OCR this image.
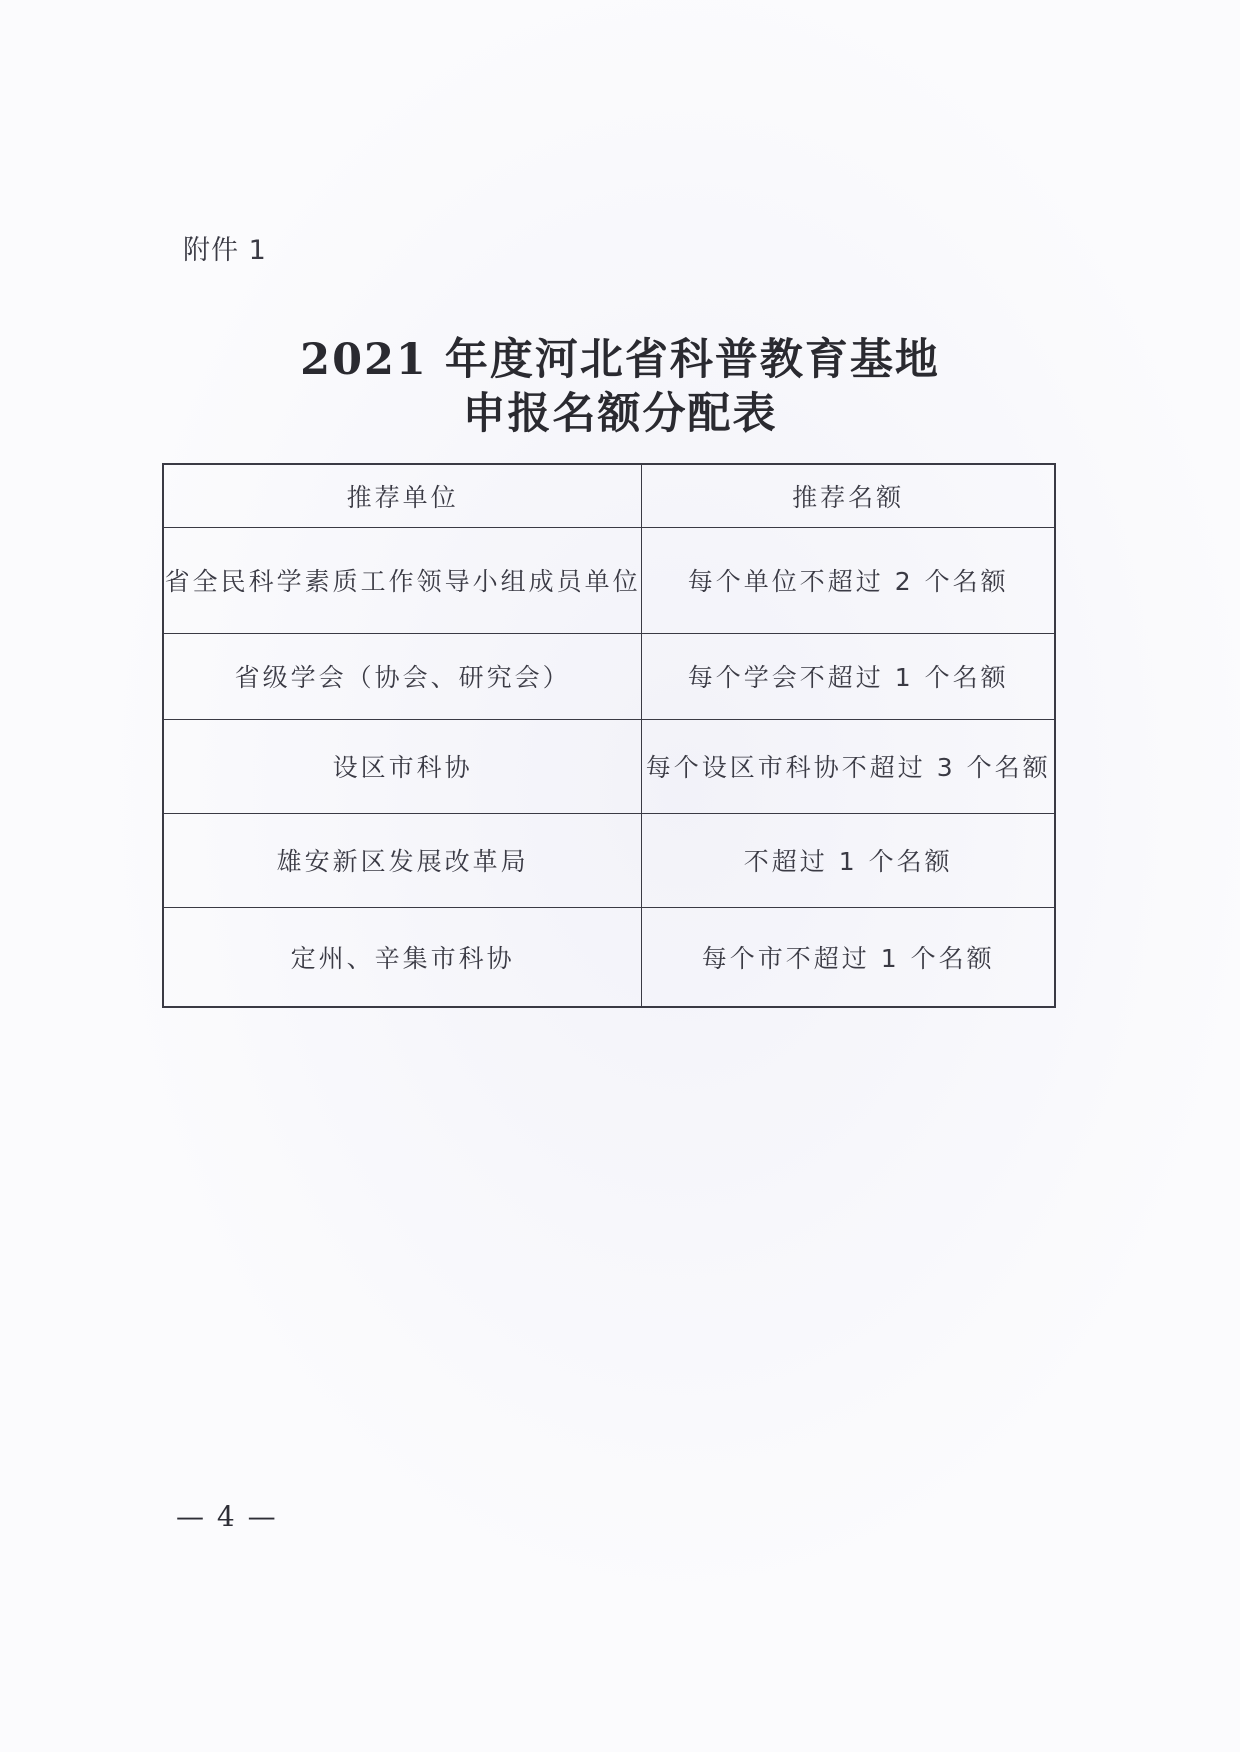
附件 1
2021 年度河北省科普教育基地
申报名额分配表
推荐单位	推荐名额
省全民科学素质工作领导小组成员单位	每个单位不超过 2 个名额
省级学会（协会、研究会）	每个学会不超过 1 个名额
设区市科协	每个设区市科协不超过 3 个名额
雄安新区发展改革局	不超过 1 个名额
定州、辛集市科协	每个市不超过 1 个名额
— 4 —
